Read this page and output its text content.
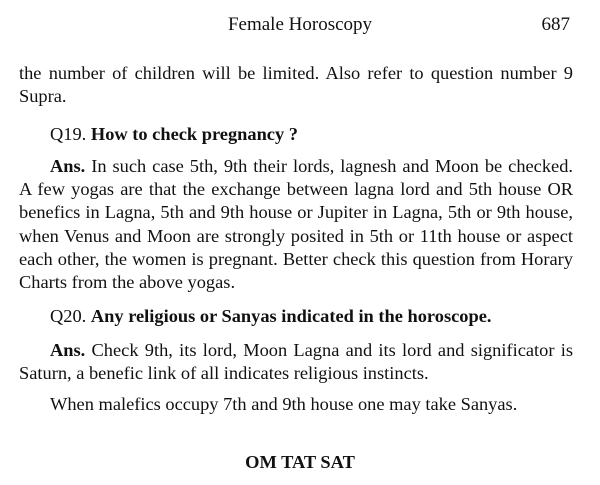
Female Horoscopy	687
the number of children will be limited. Also refer to question number 9 Supra.
Q19. How to check pregnancy ?
Ans. In such case 5th, 9th their lords, lagnesh and Moon be checked. A few yogas are that the exchange between lagna lord and 5th house OR benefics in Lagna, 5th and 9th house or Jupiter in Lagna, 5th or 9th house, when Venus and Moon are strongly posited in 5th or 11th house or aspect each other, the women is pregnant. Better check this question from Horary Charts from the above yogas.
Q20. Any religious or Sanyas indicated in the horoscope.
Ans. Check 9th, its lord, Moon Lagna and its lord and significator is Saturn, a benefic link of all indicates religious instincts.
When malefics occupy 7th and 9th house one may take Sanyas.
OM TAT SAT
